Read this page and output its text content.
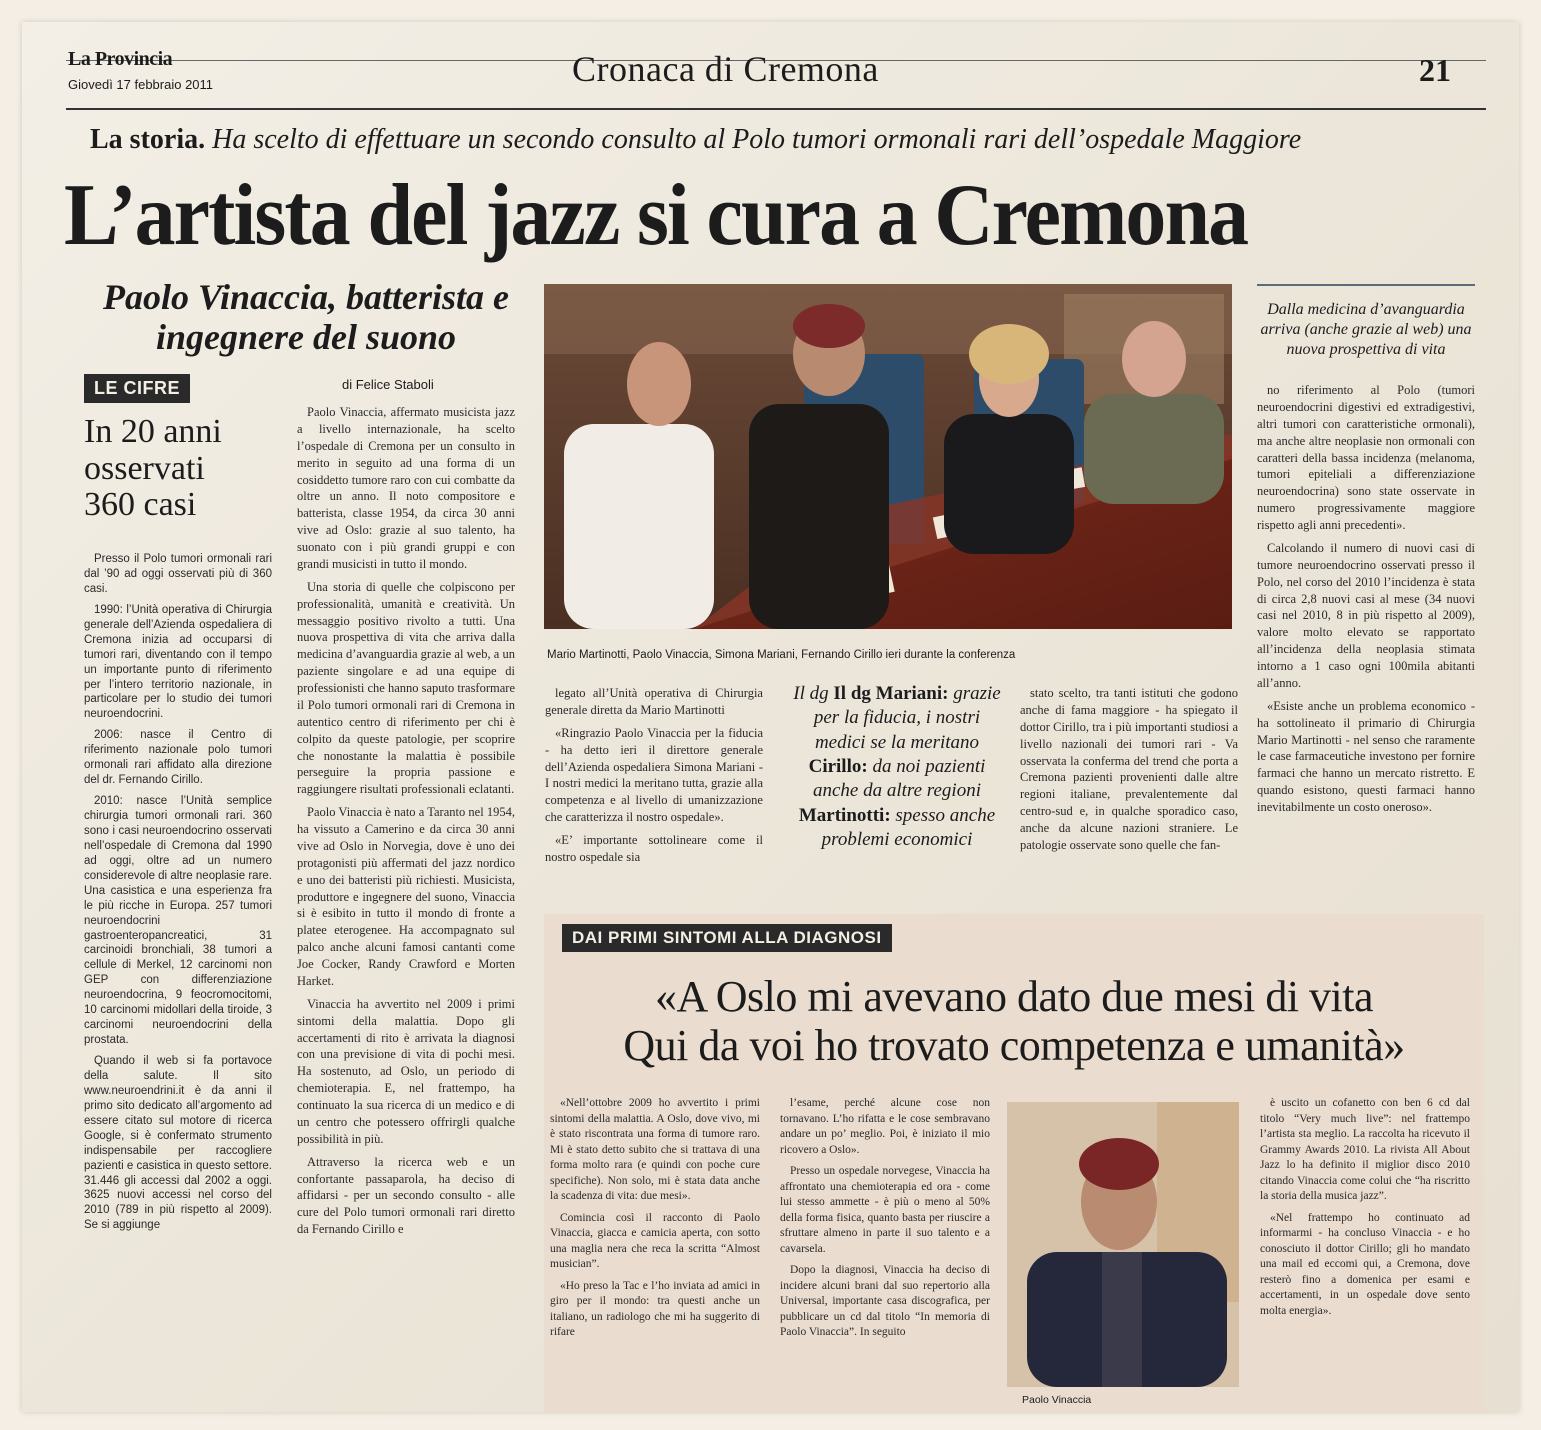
La Provincia
Giovedì 17 febbraio 2011	Cronaca di Cremona	21
La storia. Ha scelto di effettuare un secondo consulto al Polo tumori ormonali rari dell’ospedale Maggiore
L’artista del jazz si cura a Cremona
Paolo Vinaccia, batterista e ingegnere del suono
di Felice Staboli
LE CIFRE
In 20 anni osservati 360 casi

Presso il Polo tumori ormonali rari dal ’90 ad oggi osservati più di 360 casi.

1990: l’Unità operativa di Chirurgia generale dell’Azienda ospedaliera di Cremona inizia ad occuparsi di tumori rari, diventando con il tempo un importante punto di riferimento per l’intero territorio nazionale, in particolare per lo studio dei tumori neuroendocrini.

2006: nasce il Centro di riferimento nazionale polo tumori ormonali rari affidato alla direzione del dr. Fernando Cirillo.

2010: nasce l’Unità semplice chirurgia tumori ormonali rari. 360 sono i casi neuroendocrino osservati nell’ospedale di Cremona dal 1990 ad oggi, oltre ad un numero considerevole di altre neoplasie rare. Una casistica e una esperienza fra le più ricche in Europa. 257 tumori neuroendocrini gastroenteropancreatici, 31 carcinoidi bronchiali, 38 tumori a cellule di Merkel, 12 carcinomi non GEP con differenziazione neuroendocrina, 9 feocromocitomi, 10 carcinomi midollari della tiroide, 3 carcinomi neuroendocrini della prostata.

Quando il web si fa portavoce della salute. Il sito www.neuroendrini.it è da anni il primo sito dedicato all’argomento ad essere citato sul motore di ricerca Google, si è confermato strumento indispensabile per raccogliere pazienti e casistica in questo settore. 31.446 gli accessi dal 2002 a oggi. 3625 nuovi accessi nel corso del 2010 (789 in più rispetto al 2009). Se si aggiunge

Paolo Vinaccia, affermato musicista jazz a livello internazionale, ha scelto l’ospedale di Cremona per un consulto in merito in seguito ad una forma di un cosiddetto tumore raro con cui combatte da oltre un anno. Il noto compositore e batterista, classe 1954, da circa 30 anni vive ad Oslo: grazie al suo talento, ha suonato con i più grandi gruppi e con grandi musicisti in tutto il mondo.

Una storia di quelle che colpiscono per professionalità, umanità e creatività. Un messaggio positivo rivolto a tutti. Una nuova prospettiva di vita che arriva dalla medicina d’avanguardia grazie al web, a un paziente singolare e ad una equipe di professionisti che hanno saputo trasformare il Polo tumori ormonali rari di Cremona in autentico centro di riferimento per chi è colpito da queste patologie, per scoprire che nonostante la malattia è possibile perseguire la propria passione e raggiungere risultati professionali eclatanti.

Paolo Vinaccia è nato a Taranto nel 1954, ha vissuto a Camerino e da circa 30 anni vive ad Oslo in Norvegia, dove è uno dei protagonisti più affermati del jazz nordico e uno dei batteristi più richiesti. Musicista, produttore e ingegnere del suono, Vinaccia si è esibito in tutto il mondo di fronte a platee eterogenee. Ha accompagnato sul palco anche alcuni famosi cantanti come Joe Cocker, Randy Crawford e Morten Harket.

Vinaccia ha avvertito nel 2009 i primi sintomi della malattia. Dopo gli accertamenti di rito è arrivata la diagnosi con una previsione di vita di pochi mesi. Ha sostenuto, ad Oslo, un periodo di chemioterapia. E, nel frattempo, ha continuato la sua ricerca di un medico e di un centro che potessero offrirgli qualche possibilità in più.

Attraverso la ricerca web e un confortante passaparola, ha deciso di affidarsi - per un secondo consulto - alle cure del Polo tumori ormonali rari diretto da Fernando Cirillo e

Mario Martinotti, Paolo Vinaccia, Simona Mariani, Fernando Cirillo ieri durante la conferenza
Dalla medicina d’avanguardia arriva (anche grazie al web) una nuova prospettiva di vita

legato all’Unità operativa di Chirurgia generale diretta da Mario Martinotti

«Ringrazio Paolo Vinaccia per la fiducia - ha detto ieri il direttore generale dell’Azienda ospedaliera Simona Mariani - I nostri medici la meritano tutta, grazie alla competenza e al livello di umanizzazione che caratterizza il nostro ospedale».

«E’ importante sottolineare come il nostro ospedale sia

Il dg Il dg Mariani: grazie per la fiducia, i nostri medici se la meritano
Cirillo: da noi pazienti anche da altre regioni
Martinotti: spesso anche problemi economici

stato scelto, tra tanti istituti che godono anche di fama maggiore - ha spiegato il dottor Cirillo, tra i più importanti studiosi a livello nazionali dei tumori rari - Va osservata la conferma del trend che porta a Cremona pazienti provenienti dalle altre regioni italiane, prevalentemente dal centro-sud e, in qualche sporadico caso, anche da alcune nazioni straniere. Le patologie osservate sono quelle che fan-

no riferimento al Polo (tumori neuroendocrini digestivi ed extradigestivi, altri tumori con caratteristiche ormonali), ma anche altre neoplasie non ormonali con caratteri della bassa incidenza (melanoma, tumori epiteliali a differenziazione neuroendocrina) sono state osservate in numero progressivamente maggiore rispetto agli anni precedenti».

Calcolando il numero di nuovi casi di tumore neuroendocrino osservati presso il Polo, nel corso del 2010 l’incidenza è stata di circa 2,8 nuovi casi al mese (34 nuovi casi nel 2010, 8 in più rispetto al 2009), valore molto elevato se rapportato all’incidenza della neoplasia stimata intorno a 1 caso ogni 100mila abitanti all’anno.

«Esiste anche un problema economico - ha sottolineato il primario di Chirurgia Mario Martinotti - nel senso che raramente le case farmaceutiche investono per fornire farmaci che hanno un mercato ristretto. E quando esistono, questi farmaci hanno inevitabilmente un costo oneroso».

DAI PRIMI SINTOMI ALLA DIAGNOSI
«A Oslo mi avevano dato due mesi di vita
Qui da voi ho trovato competenza e umanità»

«Nell’ottobre 2009 ho avvertito i primi sintomi della malattia. A Oslo, dove vivo, mi è stato riscontrata una forma di tumore raro. Mi è stato detto subito che si trattava di una forma molto rara (e quindi con poche cure specifiche). Non solo, mi è stata data anche la scadenza di vita: due mesi».

Comincia così il racconto di Paolo Vinaccia, giacca e camicia aperta, con sotto una maglia nera che reca la scritta “Almost musician”.

«Ho preso la Tac e l’ho inviata ad amici in giro per il mondo: tra questi anche un italiano, un radiologo che mi ha suggerito di rifare

l’esame, perché alcune cose non tornavano. L’ho rifatta e le cose sembravano andare un po’ meglio. Poi, è iniziato il mio ricovero a Oslo».

Presso un ospedale norvegese, Vinaccia ha affrontato una chemioterapia ed ora - come lui stesso ammette - è più o meno al 50% della forma fisica, quanto basta per riuscire a sfruttare almeno in parte il suo talento e a cavarsela.

Dopo la diagnosi, Vinaccia ha deciso di incidere alcuni brani dal suo repertorio alla Universal, importante casa discografica, per pubblicare un cd dal titolo “In memoria di Paolo Vinaccia”. In seguito

Paolo Vinaccia

è uscito un cofanetto con ben 6 cd dal titolo “Very much live”: nel frattempo l’artista sta meglio. La raccolta ha ricevuto il Grammy Awards 2010. La rivista All About Jazz lo ha definito il miglior disco 2010 citando Vinaccia come colui che “ha riscritto la storia della musica jazz”.

«Nel frattempo ho continuato ad informarmi - ha concluso Vinaccia - e ho conosciuto il dottor Cirillo; gli ho mandato una mail ed eccomi qui, a Cremona, dove resterò fino a domenica per esami e accertamenti, in un ospedale dove sento molta energia».
